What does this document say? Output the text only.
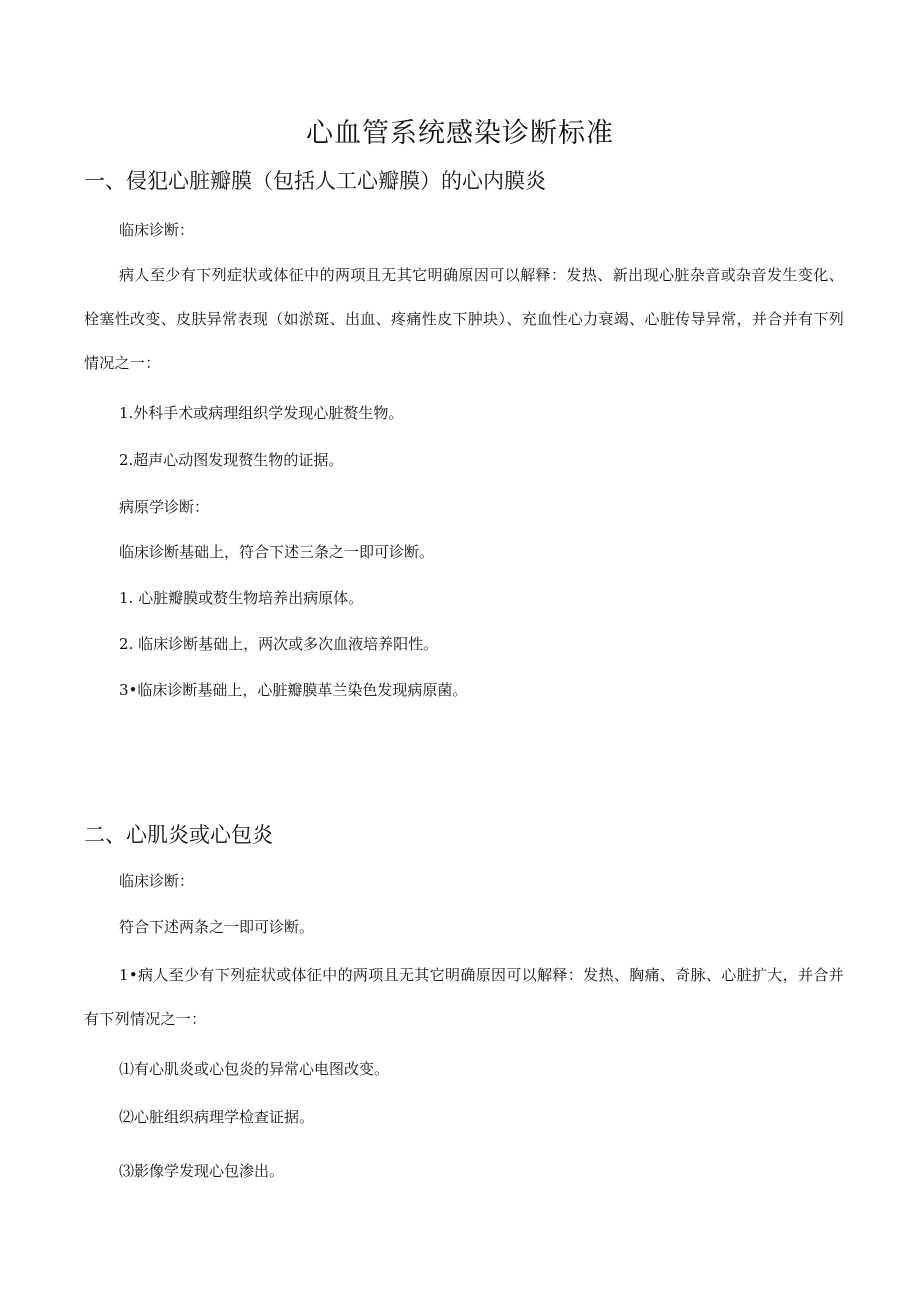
心血管系统感染诊断标准
一、侵犯心脏瓣膜（包括人工心瓣膜）的心内膜炎

临床诊断：

病人至少有下列症状或体征中的两项且无其它明确原因可以解释：发热、新出现心脏杂音或杂音发生变化、栓塞性改变、皮肤异常表现（如淤斑、出血、疼痛性皮下肿块）、充血性心力衰竭、心脏传导异常，并合并有下列情况之一：

1.外科手术或病理组织学发现心脏赘生物。

2.超声心动图发现赘生物的证据。

病原学诊断：

临床诊断基础上，符合下述三条之一即可诊断。

1. 心脏瓣膜或赘生物培养出病原体。

2. 临床诊断基础上，两次或多次血液培养阳性。

3•临床诊断基础上，心脏瓣膜革兰染色发现病原菌。

二、心肌炎或心包炎

临床诊断：

符合下述两条之一即可诊断。

1•病人至少有下列症状或体征中的两项且无其它明确原因可以解释：发热、胸痛、奇脉、心脏扩大，并合并有下列情况之一：

⑴有心肌炎或心包炎的异常心电图改变。

⑵心脏组织病理学检查证据。

⑶影像学发现心包渗出。
